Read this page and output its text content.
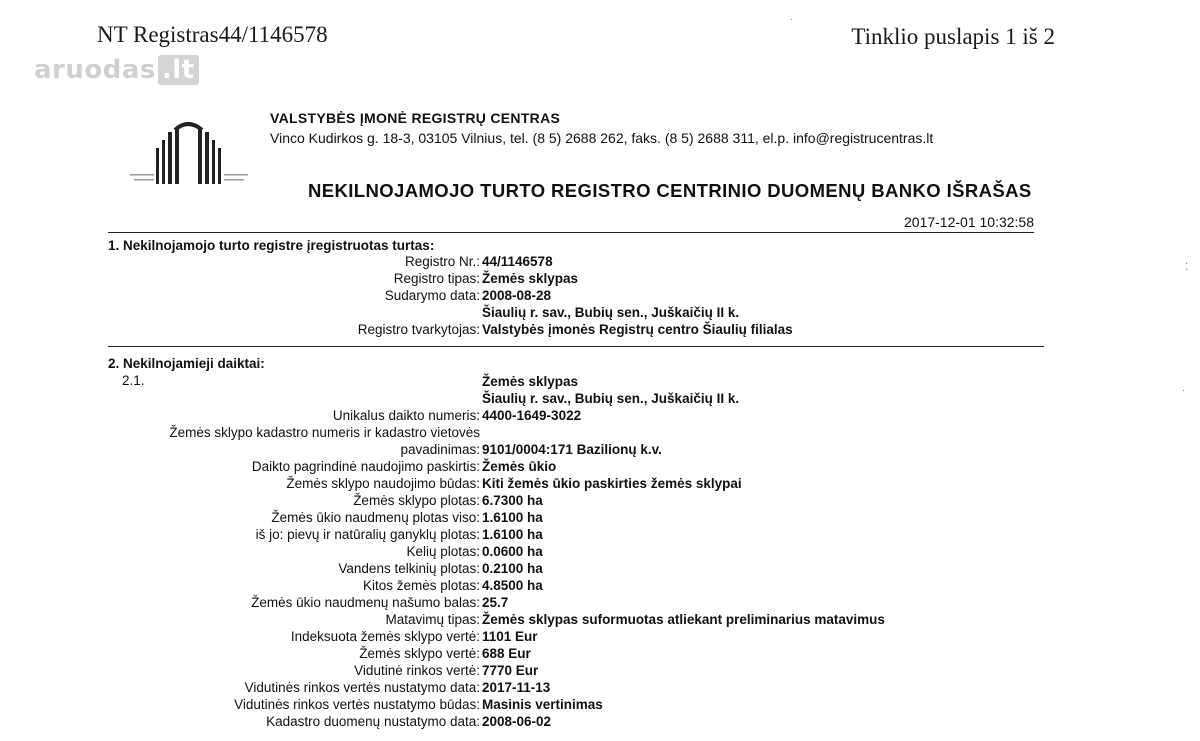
NT Registras44/1146578	Tinklio puslapis 1 iš 2
aruodas .lt
VALSTYBĖS ĮMONĖ REGISTRŲ CENTRAS
Vinco Kudirkos g. 18-3, 03105 Vilnius, tel. (8 5) 2688 262, faks. (8 5) 2688 311, el.p. info@registrucentras.lt
NEKILNOJAMOJO TURTO REGISTRO CENTRINIO DUOMENŲ BANKO IŠRAŠAS
2017-12-01 10:32:58
1. Nekilnojamojo turto registre įregistruotas turtas:
Registro Nr.: 44/1146578
Registro tipas: Žemės sklypas
Sudarymo data: 2008-08-28
Šiaulių r. sav., Bubių sen., Juškaičių II k.
Registro tvarkytojas: Valstybės įmonės Registrų centro Šiaulių filialas
2. Nekilnojamieji daiktai:
2.1.	Žemės sklypas
Šiaulių r. sav., Bubių sen., Juškaičių II k.
Unikalus daikto numeris: 4400-1649-3022
Žemės sklypo kadastro numeris ir kadastro vietovės
pavadinimas: 9101/0004:171 Bazilionų k.v.
Daikto pagrindinė naudojimo paskirtis: Žemės ūkio
Žemės sklypo naudojimo būdas: Kiti žemės ūkio paskirties žemės sklypai
Žemės sklypo plotas: 6.7300 ha
Žemės ūkio naudmenų plotas viso: 1.6100 ha
iš jo: pievų ir natūralių ganyklų plotas: 1.6100 ha
Kelių plotas: 0.0600 ha
Vandens telkinių plotas: 0.2100 ha
Kitos žemės plotas: 4.8500 ha
Žemės ūkio naudmenų našumo balas: 25.7
Matavimų tipas: Žemės sklypas suformuotas atliekant preliminarius matavimus
Indeksuota žemės sklypo vertė: 1101 Eur
Žemės sklypo vertė: 688 Eur
Vidutinė rinkos vertė: 7770 Eur
Vidutinės rinkos vertės nustatymo data: 2017-11-13
Vidutinės rinkos vertės nustatymo būdas: Masinis vertinimas
Kadastro duomenų nustatymo data: 2008-06-02
·
⁚
·
